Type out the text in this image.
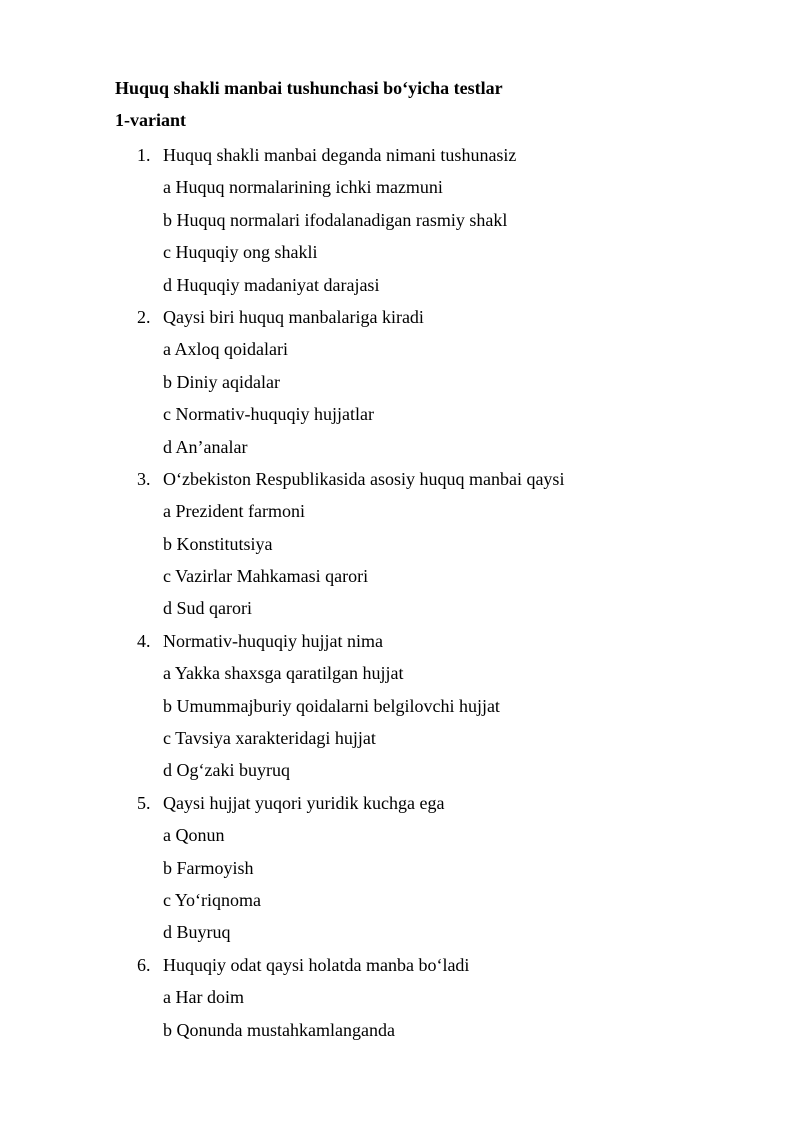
Huquq shakli manbai tushunchasi bo‘yicha testlar
1-variant
1. Huquq shakli manbai deganda nimani tushunasiz
a Huquq normalarining ichki mazmuni
b Huquq normalari ifodalanadigan rasmiy shakl
c Huquqiy ong shakli
d Huquqiy madaniyat darajasi
2. Qaysi biri huquq manbalariga kiradi
a Axloq qoidalari
b Diniy aqidalar
c Normativ-huquqiy hujjatlar
d An’analar
3. O‘zbekiston Respublikasida asosiy huquq manbai qaysi
a Prezident farmoni
b Konstitutsiya
c Vazirlar Mahkamasi qarori
d Sud qarori
4. Normativ-huquqiy hujjat nima
a Yakka shaxsga qaratilgan hujjat
b Umummajburiy qoidalarni belgilovchi hujjat
c Tavsiya xarakteridagi hujjat
d Og‘zaki buyruq
5. Qaysi hujjat yuqori yuridik kuchga ega
a Qonun
b Farmoyish
c Yo‘riqnoma
d Buyruq
6. Huquqiy odat qaysi holatda manba bo‘ladi
a Har doim
b Qonunda mustahkamlanganda
